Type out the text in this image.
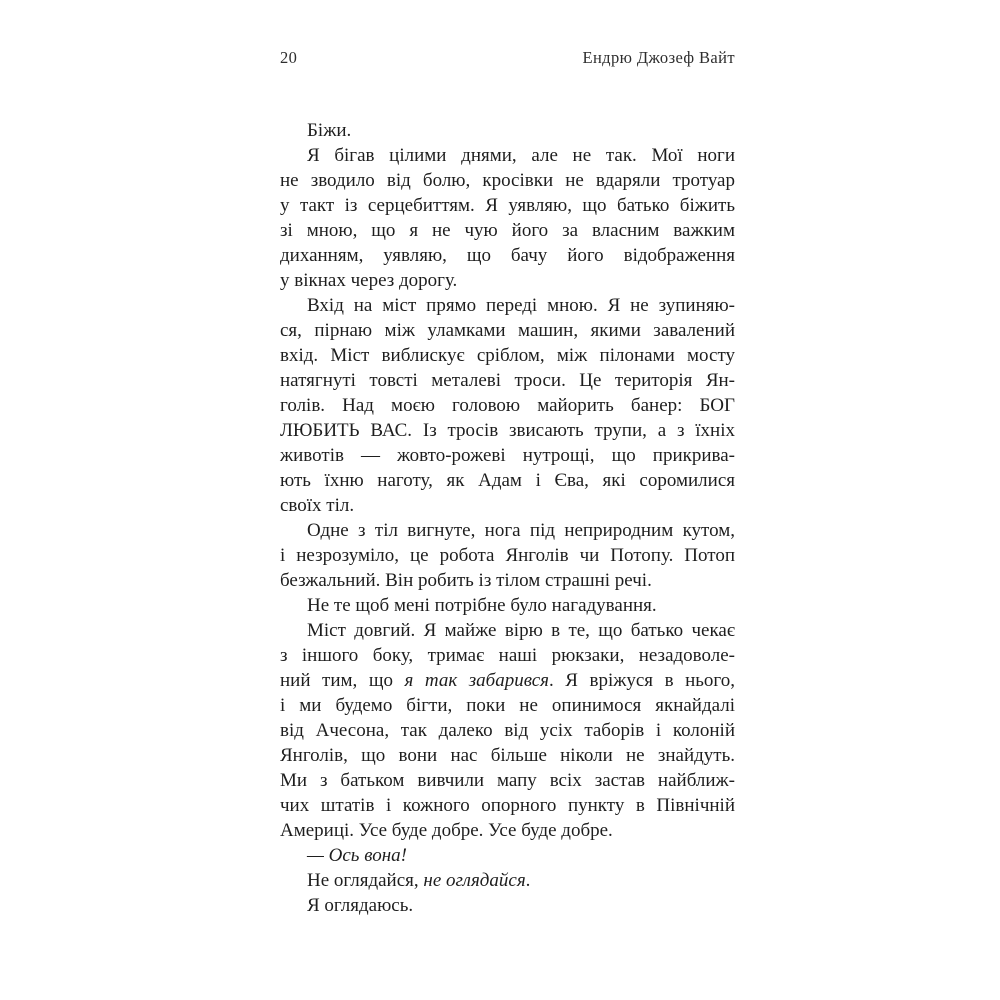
20	Ендрю Джозеф Вайт

Біжи.

Я бігав цілими днями, але не так. Мої ноги
не зводило від болю, кросівки не вдаряли тротуар
у такт із серцебиттям. Я уявляю, що батько біжить
зі мною, що я не чую його за власним важким
диханням, уявляю, що бачу його відображення
у вікнах через дорогу.

Вхід на міст прямо переді мною. Я не зупиняю-
ся, пірнаю між уламками машин, якими завалений
вхід. Міст виблискує сріблом, між пілонами мосту
натягнуті товсті металеві троси. Це територія Ян-
голів. Над моєю головою майорить банер: БОГ
ЛЮБИТЬ ВАС. Із тросів звисають трупи, а з їхніх
животів — жовто-рожеві нутрощі, що прикрива-
ють їхню наготу, як Адам і Єва, які соромилися
своїх тіл.

Одне з тіл вигнуте, нога під неприродним кутом,
і незрозуміло, це робота Янголів чи Потопу. Потоп
безжальний. Він робить із тілом страшні речі.

Не те щоб мені потрібне було нагадування.

Міст довгий. Я майже вірю в те, що батько чекає
з іншого боку, тримає наші рюкзаки, незадоволе-
ний тим, що я так забарився. Я вріжуся в нього,
і ми будемо бігти, поки не опинимося якнайдалі
від Ачесона, так далеко від усіх таборів і колоній
Янголів, що вони нас більше ніколи не знайдуть.
Ми з батьком вивчили мапу всіх застав найближ-
чих штатів і кожного опорного пункту в Північній
Америці. Усе буде добре. Усе буде добре.

— Ось вона!

Не оглядайся, не оглядайся.

Я оглядаюсь.
